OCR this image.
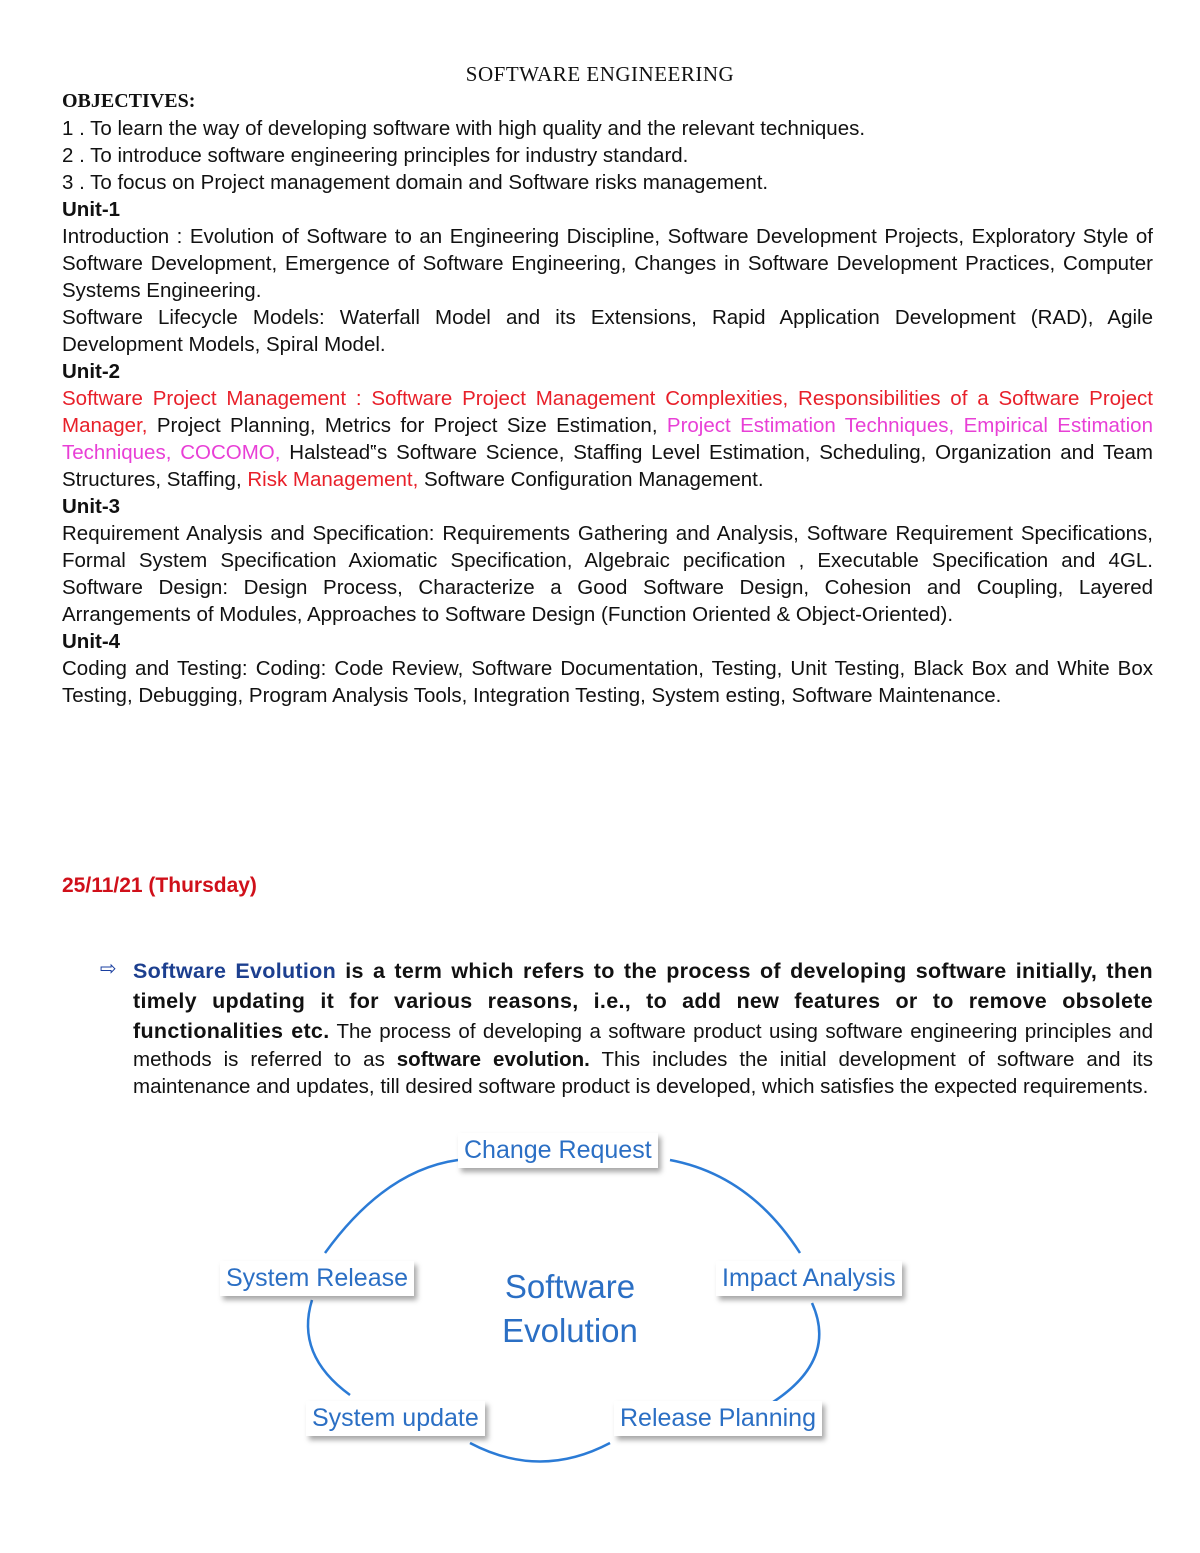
SOFTWARE ENGINEERING

OBJECTIVES:

1 . To learn the way of developing software with high quality and the relevant techniques.

2 . To introduce software engineering principles for industry standard.

3 . To focus on Project management domain and Software risks management.

Unit-1

Introduction : Evolution of Software to an Engineering Discipline, Software Development Projects, Exploratory Style of Software Development, Emergence of Software Engineering, Changes in Software Development Practices, Computer Systems Engineering.

Software Lifecycle Models: Waterfall Model and its Extensions, Rapid Application Development (RAD), Agile Development Models, Spiral Model.

Unit-2

Software Project Management : Software Project Management Complexities, Responsibilities of a Software Project Manager, Project Planning, Metrics for Project Size Estimation, Project Estimation Techniques, Empirical Estimation Techniques, COCOMO, Halstead‟s Software Science, Staffing Level Estimation, Scheduling, Organization and Team Structures, Staffing, Risk Management, Software Configuration Management.

Unit-3

Requirement Analysis and Specification: Requirements Gathering and Analysis, Software Requirement Specifications, Formal System Specification Axiomatic Specification, Algebraic pecification , Executable Specification and 4GL. Software Design: Design Process, Characterize a Good Software Design, Cohesion and Coupling, Layered Arrangements of Modules, Approaches to Software Design (Function Oriented & Object-Oriented).

Unit-4

Coding and Testing: Coding: Code Review, Software Documentation, Testing, Unit Testing, Black Box and White Box Testing, Debugging, Program Analysis Tools, Integration Testing, System esting, Software Maintenance.

25/11/21 (Thursday)
⇨ Software Evolution is a term which refers to the process of developing software initially, then timely updating it for various reasons, i.e., to add new features or to remove obsolete functionalities etc. The process of developing a software product using software engineering principles and methods is referred to as software evolution. This includes the initial development of software and its maintenance and updates, till desired software product is developed, which satisfies the expected requirements.
Software
Evolution
Change Request
Impact Analysis
Release Planning
System update
System Release
